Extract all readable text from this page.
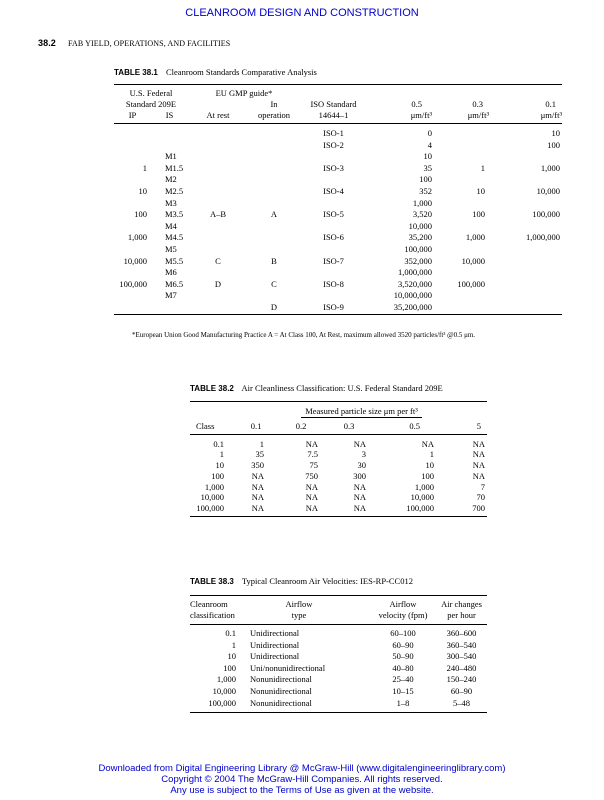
CLEANROOM DESIGN AND CONSTRUCTION
38.2 FAB YIELD, OPERATIONS, AND FACILITIES
TABLE 38.1 Cleanroom Standards Comparative Analysis
U.S. Federal		EU GMP guide*					
Standard 209E			In	ISO Standard	0.5	0.3	0.1
IP	IS	At rest	operation	14644–1	μm/ft³	μm/ft³	μm/ft³
				ISO-1	0		10
				ISO-2	4		100
	M1				10		
1	M1.5			ISO-3	35	1	1,000
	M2				100		
10	M2.5			ISO-4	352	10	10,000
	M3				1,000		
100	M3.5	A–B	A	ISO-5	3,520	100	100,000
	M4				10,000		
1,000	M4.5			ISO-6	35,200	1,000	1,000,000
	M5				100,000		
10,000	M5.5	C	B	ISO-7	352,000	10,000	
	M6				1,000,000		
100,000	M6.5	D	C	ISO-8	3,520,000	100,000	
	M7				10,000,000		
			D	ISO-9	35,200,000		
*European Union Good Manufacturing Practice A = At Class 100, At Rest, maximum allowed 3520 particles/ft³ @0.5 μm.
TABLE 38.2 Air Cleanliness Classification: U.S. Federal Standard 209E
	Measured particle size μm per ft³				
Class	0.1	0.2	0.3	0.5	5
0.1	1	NA	NA	NA	NA
1	35	7.5	3	1	NA
10	350	75	30	10	NA
100	NA	750	300	100	NA
1,000	NA	NA	NA	1,000	7
10,000	NA	NA	NA	10,000	70
100,000	NA	NA	NA	100,000	700
TABLE 38.3 Typical Cleanroom Air Velocities: IES-RP-CC012
Cleanroom	Airflow	Airflow	Air changes
classification	type	velocity (fpm)	per hour
0.1	Unidirectional	60–100	360–600
1	Unidirectional	60–90	360–540
10	Unidirectional	50–90	300–540
100	Uni/nonunidirectional	40–80	240–480
1,000	Nonunidirectional	25–40	150–240
10,000	Nonunidirectional	10–15	60–90
100,000	Nonunidirectional	1–8	5–48
Downloaded from Digital Engineering Library @ McGraw-Hill (www.digitalengineeringlibrary.com)
Copyright © 2004 The McGraw-Hill Companies. All rights reserved.
Any use is subject to the Terms of Use as given at the website.
